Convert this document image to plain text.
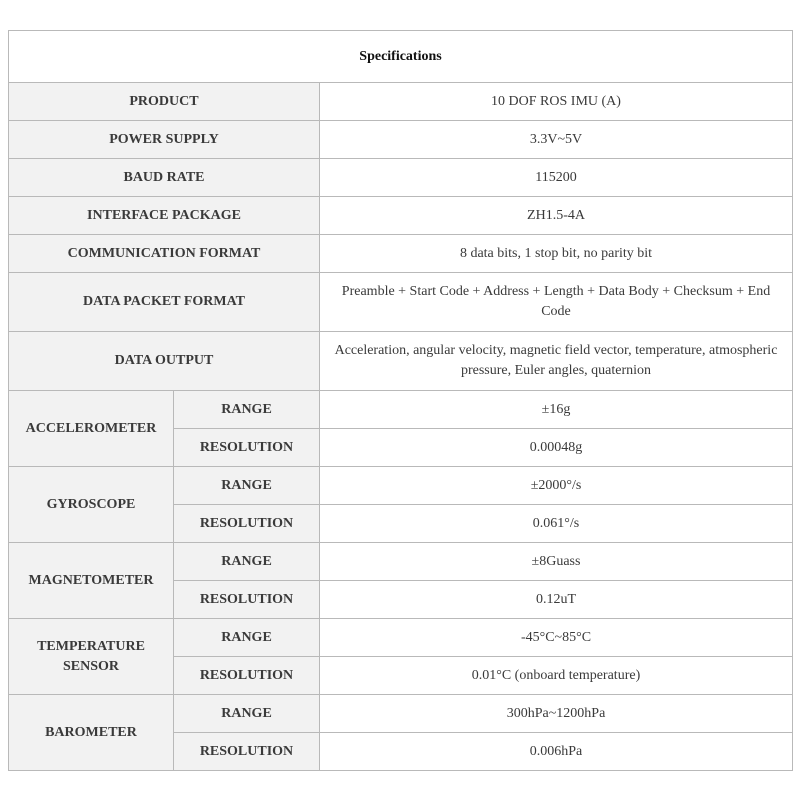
Specifications		
PRODUCT		10 DOF ROS IMU (A)
POWER SUPPLY		3.3V~5V
BAUD RATE		115200
INTERFACE PACKAGE		ZH1.5-4A
COMMUNICATION FORMAT		8 data bits, 1 stop bit, no parity bit
DATA PACKET FORMAT		Preamble + Start Code + Address + Length + Data Body + Checksum + End Code
DATA OUTPUT		Acceleration, angular velocity, magnetic field vector, temperature, atmospheric pressure, Euler angles, quaternion
ACCELEROMETER	RANGE	±16g
	RESOLUTION	0.00048g
GYROSCOPE	RANGE	±2000°/s
	RESOLUTION	0.061°/s
MAGNETOMETER	RANGE	±8Guass
	RESOLUTION	0.12uT
TEMPERATURE SENSOR	RANGE	-45°C~85°C
	RESOLUTION	0.01°C (onboard temperature)
BAROMETER	RANGE	300hPa~1200hPa
	RESOLUTION	0.006hPa
